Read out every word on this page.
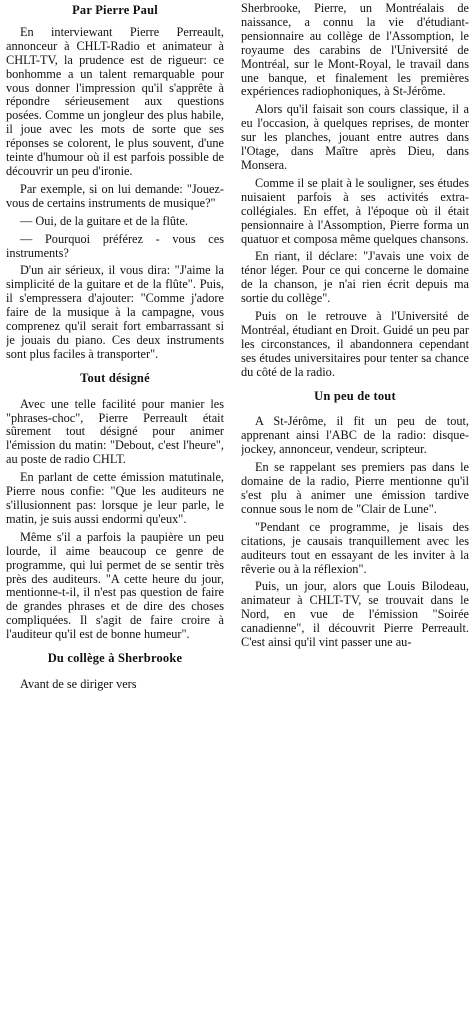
Par Pierre Paul

En interviewant Pierre Perreault, annonceur à CHLT-Radio et animateur à CHLT-TV, la prudence est de rigueur: ce bonhomme a un talent remarquable pour vous donner l'impression qu'il s'apprête à répondre sérieusement aux questions posées. Comme un jongleur des plus habile, il joue avec les mots de sorte que ses réponses se colorent, le plus souvent, d'une teinte d'humour où il est parfois possible de découvrir un peu d'ironie.

Par exemple, si on lui demande: "Jouez-vous de certains instruments de musique?"

— Oui, de la guitare et de la flûte.

— Pourquoi préférez - vous ces instruments?

D'un air sérieux, il vous dira: "J'aime la simplicité de la guitare et de la flûte". Puis, il s'empressera d'ajouter: "Comme j'adore faire de la musique à la campagne, vous comprenez qu'il serait fort embarrassant si je jouais du piano. Ces deux instruments sont plus faciles à transporter".

Tout désigné

Avec une telle facilité pour manier les "phrases-choc", Pierre Perreault était sûrement tout désigné pour animer l'émission du matin: "Debout, c'est l'heure", au poste de radio CHLT.

En parlant de cette émission matutinale, Pierre nous confie: "Que les auditeurs ne s'illusionnent pas: lorsque je leur parle, le matin, je suis aussi endormi qu'eux".

Même s'il a parfois la paupière un peu lourde, il aime beaucoup ce genre de programme, qui lui permet de se sentir très près des auditeurs. "A cette heure du jour, mentionne-t-il, il n'est pas question de faire de grandes phrases et de dire des choses compliquées. Il s'agit de faire croire à l'auditeur qu'il est de bonne humeur".

Du collège à Sherbrooke

Avant de se diriger vers

Sherbrooke, Pierre, un Montréalais de naissance, a connu la vie d'étudiant-pensionnaire au collège de l'Assomption, le royaume des carabins de l'Université de Montréal, sur le Mont-Royal, le travail dans une banque, et finalement les premières expériences radiophoniques, à St-Jérôme.

Alors qu'il faisait son cours classique, il a eu l'occasion, à quelques reprises, de monter sur les planches, jouant entre autres dans l'Otage, dans Maître après Dieu, dans Monsera.

Comme il se plait à le souligner, ses études nuisaient parfois à ses activités extra-collégiales. En effet, à l'époque où il était pensionnaire à l'Assomption, Pierre forma un quatuor et composa même quelques chansons.

En riant, il déclare: "J'avais une voix de ténor léger. Pour ce qui concerne le domaine de la chanson, je n'ai rien écrit depuis ma sortie du collège".

Puis on le retrouve à l'Université de Montréal, étudiant en Droit. Guidé un peu par les circonstances, il abandonnera cependant ses études universitaires pour tenter sa chance du côté de la radio.

Un peu de tout

A St-Jérôme, il fit un peu de tout, apprenant ainsi l'ABC de la radio: disque-jockey, annonceur, vendeur, scripteur.

En se rappelant ses premiers pas dans le domaine de la radio, Pierre mentionne qu'il s'est plu à animer une émission tardive connue sous le nom de "Clair de Lune".

"Pendant ce programme, je lisais des citations, je causais tranquillement avec les auditeurs tout en essayant de les inviter à la rêverie ou à la réflexion".

Puis, un jour, alors que Louis Bilodeau, animateur à CHLT-TV, se trouvait dans le Nord, en vue de l'émission "Soirée canadienne", il découvrit Pierre Perreault. C'est ainsi qu'il vint passer une au-
